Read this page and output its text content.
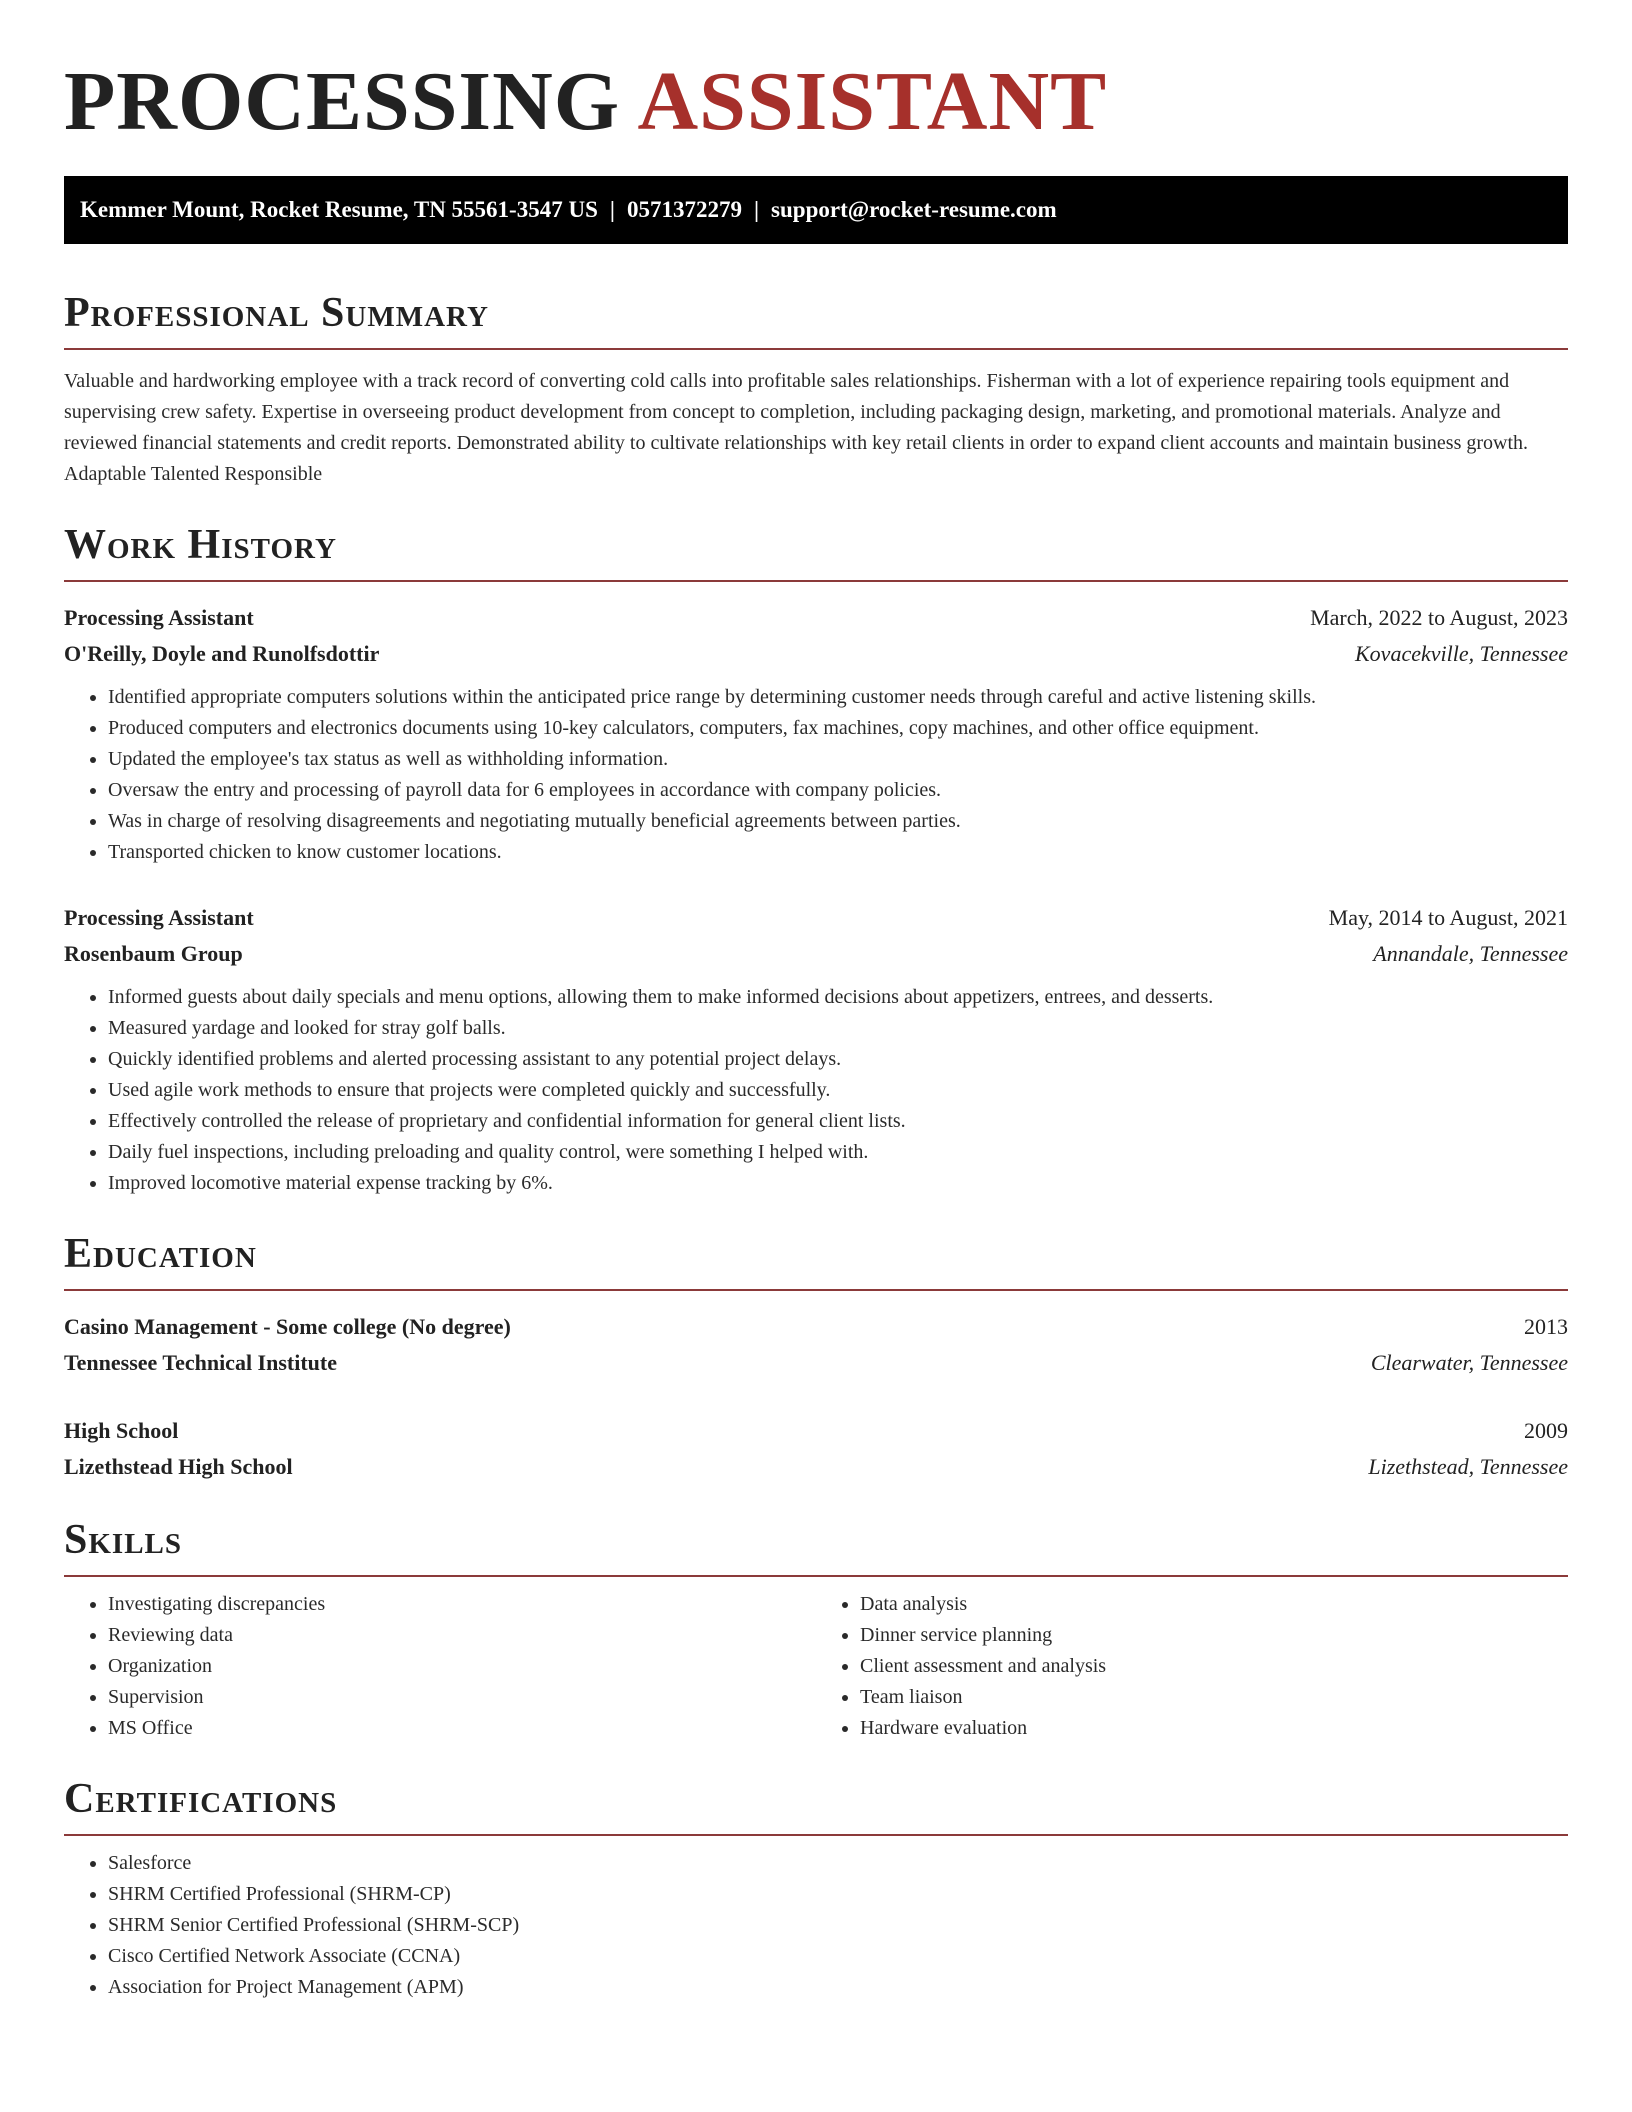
PROCESSING ASSISTANT
Kemmer Mount, Rocket Resume, TN 55561-3547 US | 0571372279 | support@rocket-resume.com
Professional Summary

Valuable and hardworking employee with a track record of converting cold calls into profitable sales relationships. Fisherman with a lot of experience repairing tools equipment and supervising crew safety. Expertise in overseeing product development from concept to completion, including packaging design, marketing, and promotional materials. Analyze and reviewed financial statements and credit reports. Demonstrated ability to cultivate relationships with key retail clients in order to expand client accounts and maintain business growth. Adaptable Talented Responsible

Work History
Processing Assistant	March, 2022 to August, 2023
O'Reilly, Doyle and Runolfsdottir	Kovacekville, Tennessee
• Identified appropriate computers solutions within the anticipated price range by determining customer needs through careful and active listening skills.
• Produced computers and electronics documents using 10-key calculators, computers, fax machines, copy machines, and other office equipment.
• Updated the employee's tax status as well as withholding information.
• Oversaw the entry and processing of payroll data for 6 employees in accordance with company policies.
• Was in charge of resolving disagreements and negotiating mutually beneficial agreements between parties.
• Transported chicken to know customer locations.
Processing Assistant	May, 2014 to August, 2021
Rosenbaum Group	Annandale, Tennessee
• Informed guests about daily specials and menu options, allowing them to make informed decisions about appetizers, entrees, and desserts.
• Measured yardage and looked for stray golf balls.
• Quickly identified problems and alerted processing assistant to any potential project delays.
• Used agile work methods to ensure that projects were completed quickly and successfully.
• Effectively controlled the release of proprietary and confidential information for general client lists.
• Daily fuel inspections, including preloading and quality control, were something I helped with.
• Improved locomotive material expense tracking by 6%.
Education
Casino Management - Some college (No degree)	2013
Tennessee Technical Institute	Clearwater, Tennessee
High School	2009
Lizethstead High School	Lizethstead, Tennessee
Skills
• Investigating discrepancies
• Reviewing data
• Organization
• Supervision
• MS Office
• Data analysis
• Dinner service planning
• Client assessment and analysis
• Team liaison
• Hardware evaluation
Certifications
• Salesforce
• SHRM Certified Professional (SHRM-CP)
• SHRM Senior Certified Professional (SHRM-SCP)
• Cisco Certified Network Associate (CCNA)
• Association for Project Management (APM)
